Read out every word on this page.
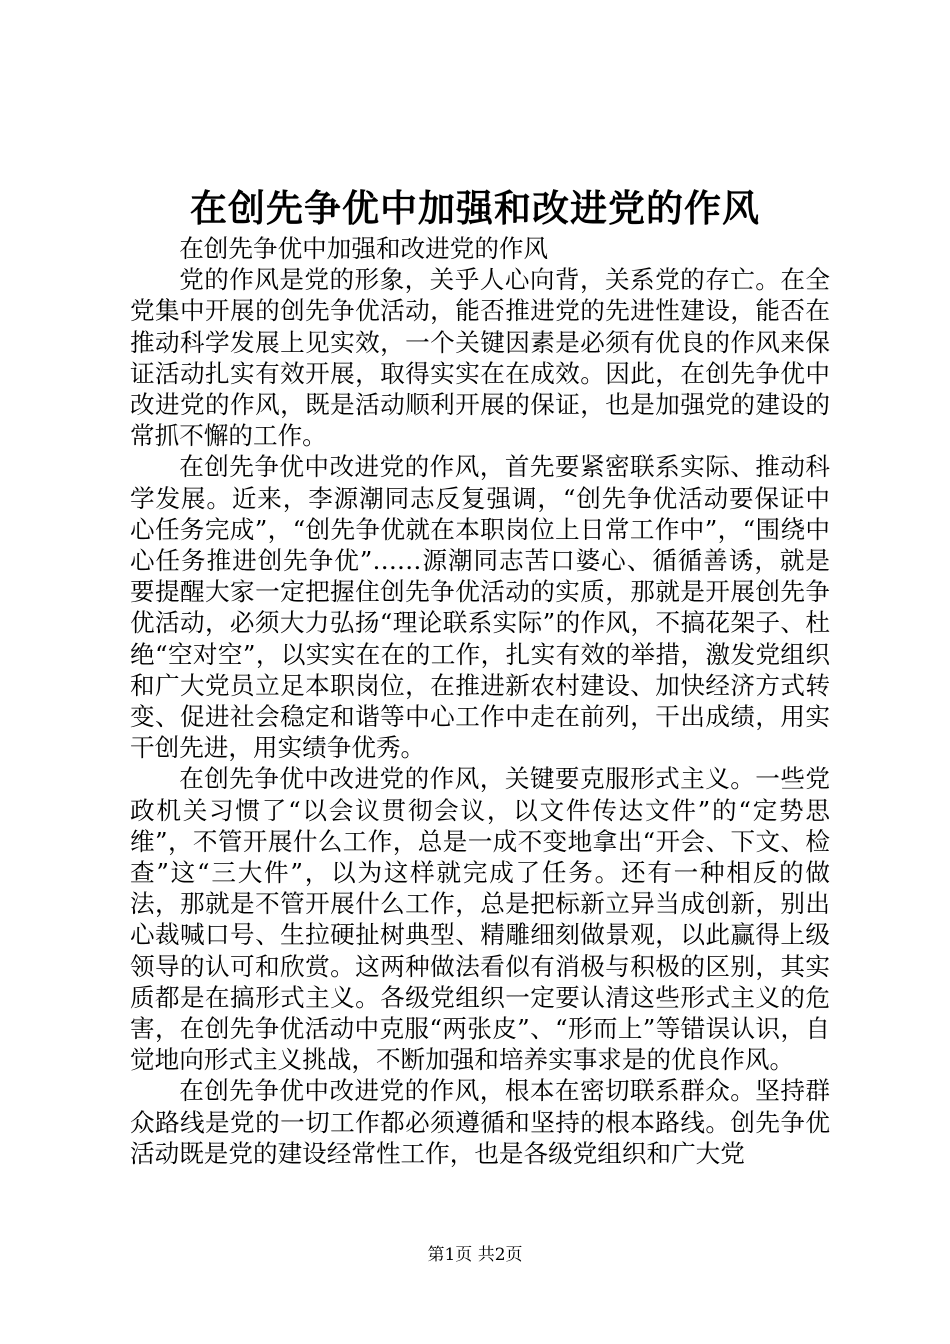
在创先争优中加强和改进党的作风

在创先争优中加强和改进党的作风

党的作风是党的形象，关乎人心向背，关系党的存亡。在全党集中开展的创先争优活动，能否推进党的先进性建设，能否在推动科学发展上见实效，一个关键因素是必须有优良的作风来保证活动扎实有效开展，取得实实在在成效。因此，在创先争优中改进党的作风，既是活动顺利开展的保证，也是加强党的建设的常抓不懈的工作。

在创先争优中改进党的作风，首先要紧密联系实际、推动科学发展。近来，李源潮同志反复强调，“创先争优活动要保证中心任务完成”，“创先争优就在本职岗位上日常工作中”，“围绕中心任务推进创先争优”……源潮同志苦口婆心、循循善诱，就是要提醒大家一定把握住创先争优活动的实质，那就是开展创先争优活动，必须大力弘扬“理论联系实际”的作风，不搞花架子、杜绝“空对空”，以实实在在的工作，扎实有效的举措，激发党组织和广大党员立足本职岗位，在推进新农村建设、加快经济方式转变、促进社会稳定和谐等中心工作中走在前列，干出成绩，用实干创先进，用实绩争优秀。

在创先争优中改进党的作风，关键要克服形式主义。一些党政机关习惯了“以会议贯彻会议，以文件传达文件”的“定势思维”，不管开展什么工作，总是一成不变地拿出“开会、下文、检查”这“三大件”，以为这样就完成了任务。还有一种相反的做法，那就是不管开展什么工作，总是把标新立异当成创新，别出心裁喊口号、生拉硬扯树典型、精雕细刻做景观，以此赢得上级领导的认可和欣赏。这两种做法看似有消极与积极的区别，其实质都是在搞形式主义。各级党组织一定要认清这些形式主义的危害，在创先争优活动中克服“两张皮”、“形而上”等错误认识，自觉地向形式主义挑战，不断加强和培养实事求是的优良作风。

在创先争优中改进党的作风，根本在密切联系群众。坚持群众路线是党的一切工作都必须遵循和坚持的根本路线。创先争优活动既是党的建设经常性工作，也是各级党组织和广大党

第1页 共2页
